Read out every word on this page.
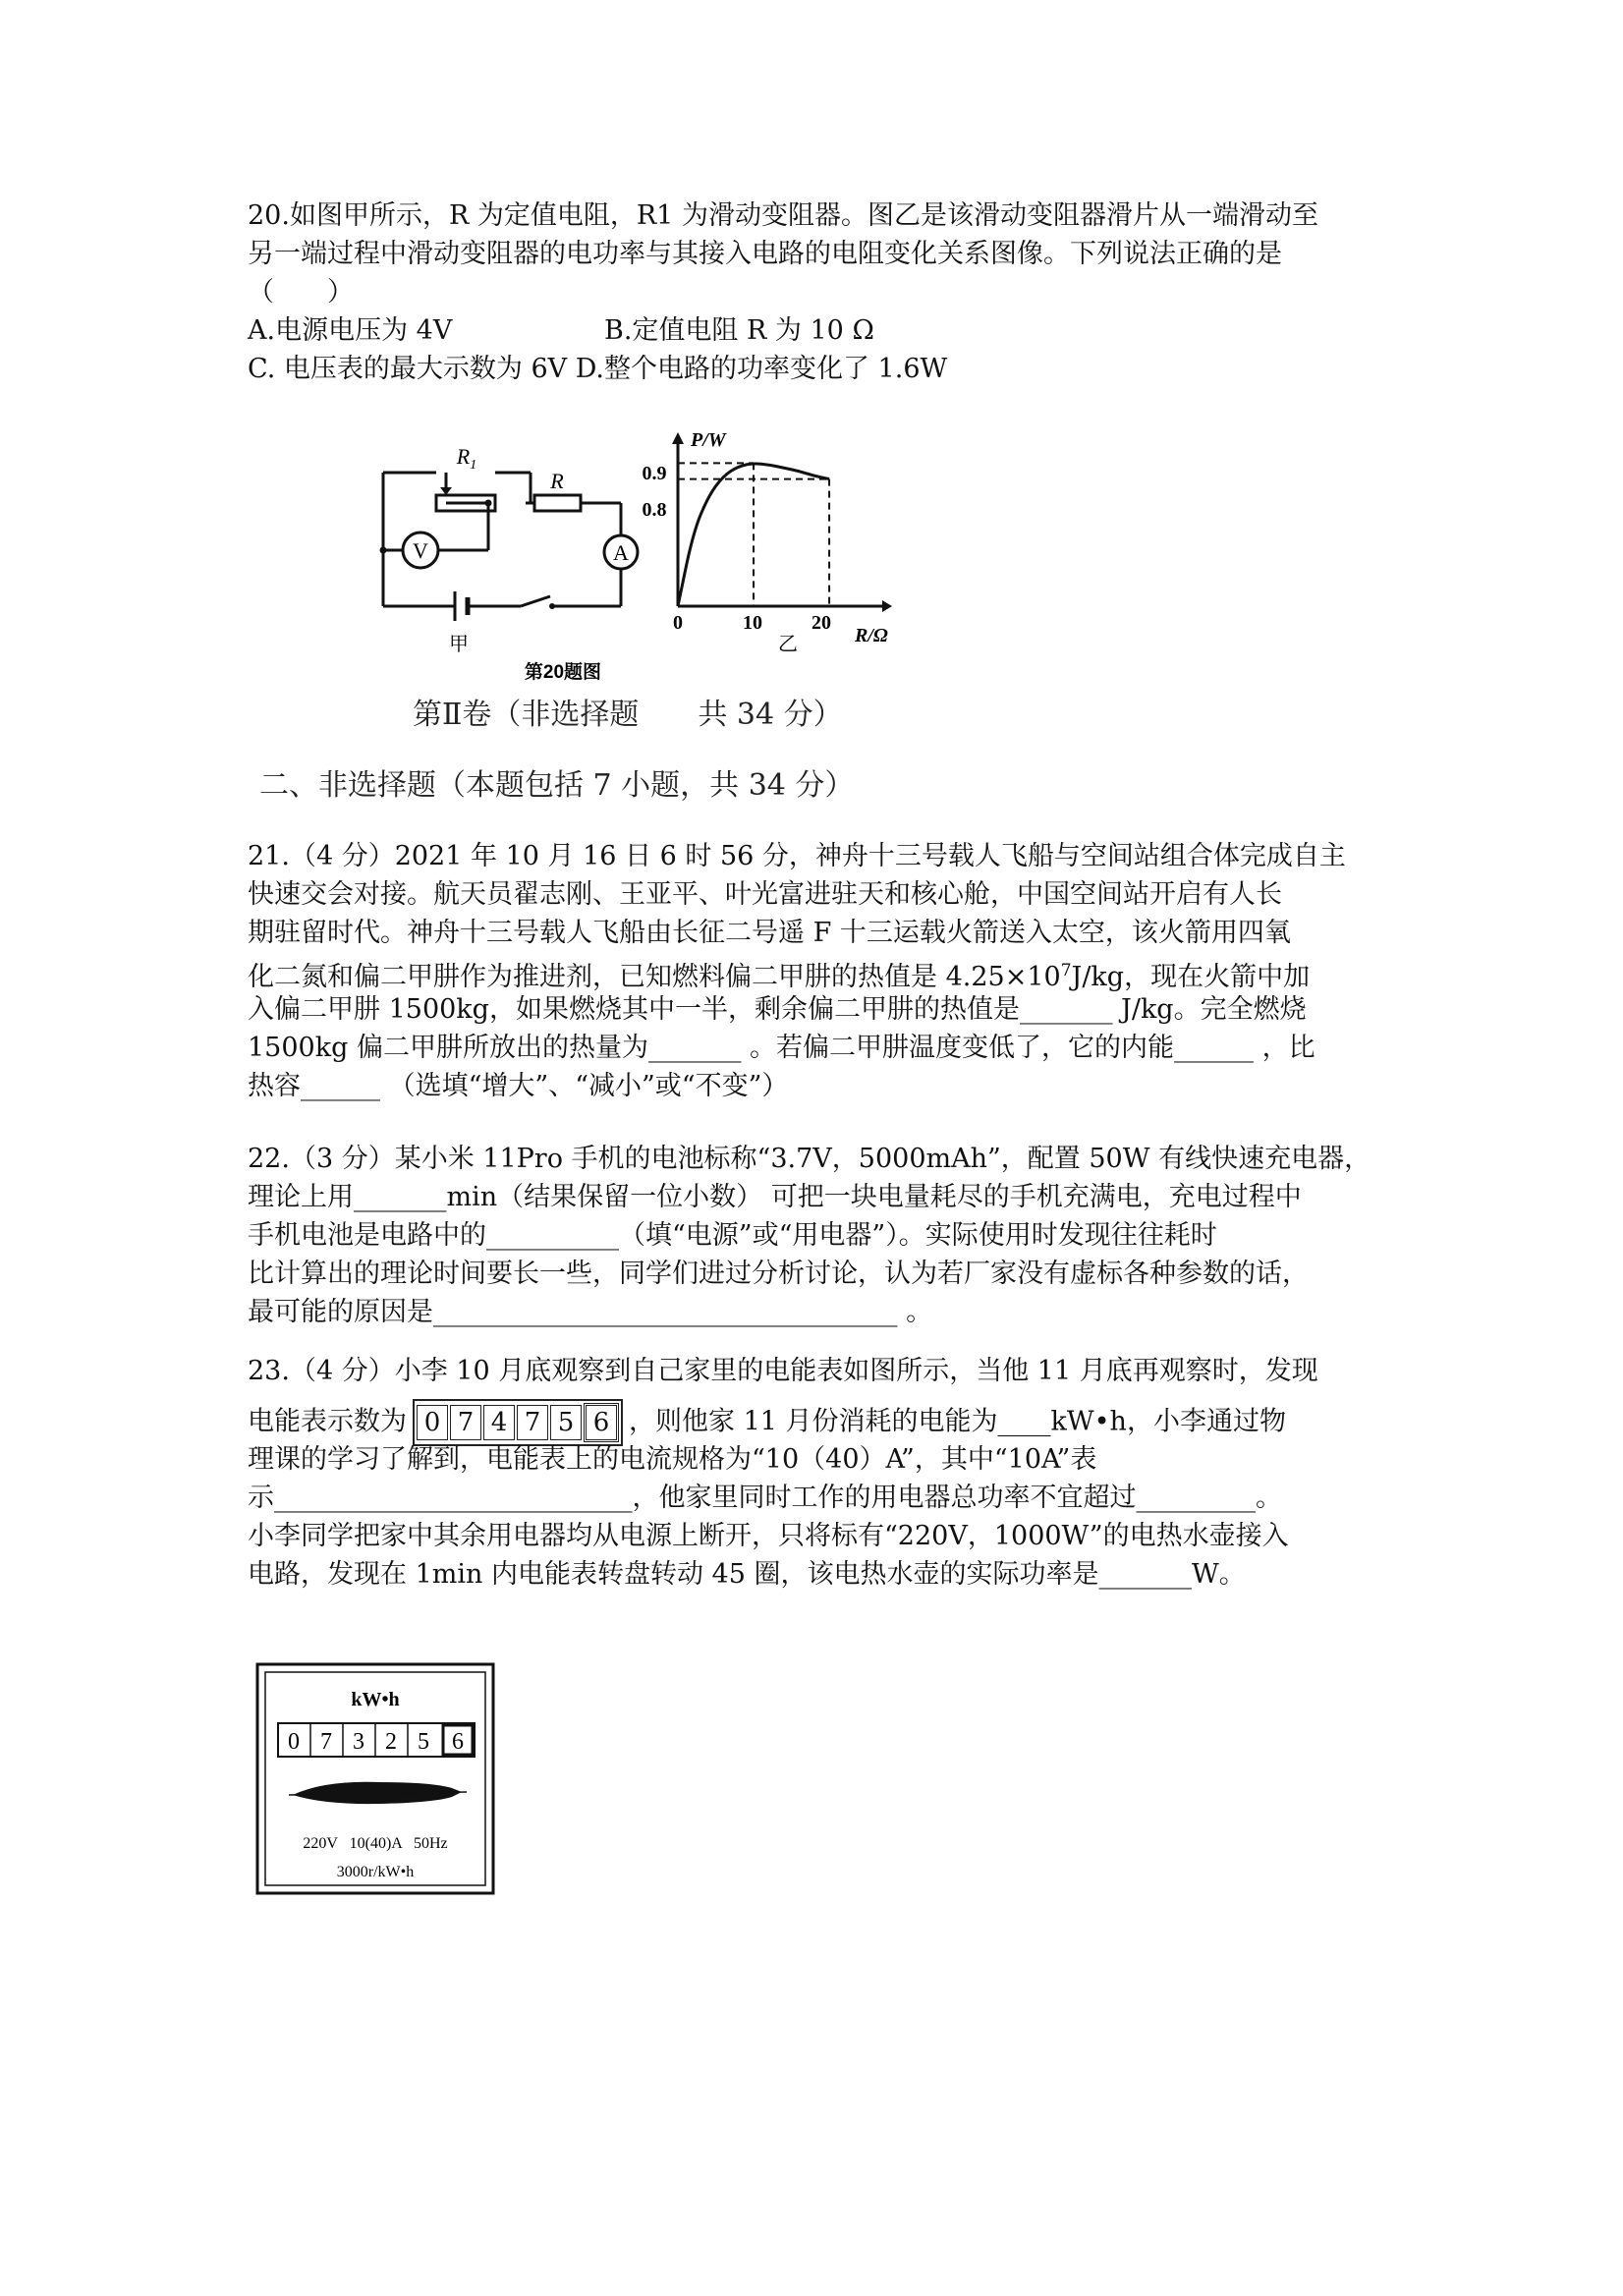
20.如图甲所示，R 为定值电阻，R1 为滑动变阻器。图乙是该滑动变阻器滑片从一端滑动至
另一端过程中滑动变阻器的电功率与其接入电路的电阻变化关系图像。下列说法正确的是
（　　）
A.电源电压为 4V	B.定值电阻 R 为 10 Ω
C. 电压表的最大示数为 6V D.整个电路的功率变化了 1.6W
$R_1$
R
V	A
甲
P/W
R/Ω
0.9
0.8
0	10	20
乙
第20题图
第Ⅱ卷（非选择题　　共 34 分）
二、非选择题（本题包括 7 小题，共 34 分）
21.（4 分）2021 年 10 月 16 日 6 时 56 分，神舟十三号载人飞船与空间站组合体完成自主
快速交会对接。航天员翟志刚、王亚平、叶光富进驻天和核心舱，中国空间站开启有人长
期驻留时代。神舟十三号载人飞船由长征二号遥 F 十三运载火箭送入太空，该火箭用四氧
化二氮和偏二甲肼作为推进剂，已知燃料偏二甲肼的热值是 $4.25\times 10^7J/kg$，现在火箭中加
入偏二甲肼 1500kg，如果燃烧其中一半，剩余偏二甲肼的热值是_______ J/kg。完全燃烧
1500kg 偏二甲肼所放出的热量为_______ 。若偏二甲肼温度变低了，它的内能______ ，比
热容______ （选填“增大”、“减小”或“不变”）
22.（3 分）某小米 11Pro 手机的电池标称“3.7V，5000mAh”，配置 50W 有线快速充电器，
理论上用_______min（结果保留一位小数） 可把一块电量耗尽的手机充满电，充电过程中
手机电池是电路中的__________（填“电源”或“用电器”）。实际使用时发现往往耗时
比计算出的理论时间要长一些，同学们进过分析讨论，认为若厂家没有虚标各种参数的话，
最可能的原因是___________________________________ 。
23.（4 分）小李 10 月底观察到自己家里的电能表如图所示，当他 11 月底再观察时，发现
电能表示数为 0 7 4 7 5 6 ，则他家 11 月份消耗的电能为____kW•h，小李通过物
理课的学习了解到，电能表上的电流规格为“10（40）A”，其中“10A”表
示___________________________，他家里同时工作的用电器总功率不宜超过_________。
小李同学把家中其余用电器均从电源上断开，只将标有“220V，1000W”的电热水壶接入
电路，发现在 1min 内电能表转盘转动 45 圈，该电热水壶的实际功率是_______W。
kW•h
0 7 3 2 5 6
220V   10(40)A   50Hz
3000r/kW•h
